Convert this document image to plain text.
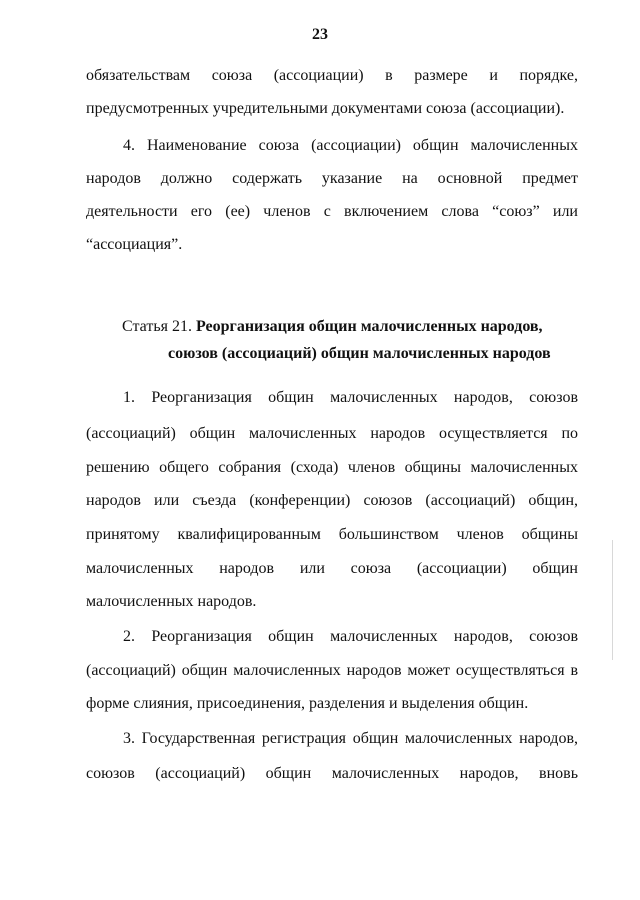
23
обязательствам союза (ассоциации) в размере и порядке,
предусмотренных учредительными документами союза (ассоциации).
4. Наименование союза (ассоциации) общин малочисленных
народов должно содержать указание на основной предмет
деятельности его (ее) членов с включением слова “союз” или
“ассоциация”.
Статья 21. Реорганизация общин малочисленных народов,
союзов (ассоциаций) общин малочисленных народов
1. Реорганизация общин малочисленных народов, союзов
(ассоциаций) общин малочисленных народов осуществляется по
решению общего собрания (схода) членов общины малочисленных
народов или съезда (конференции) союзов (ассоциаций) общин,
принятому квалифицированным большинством членов общины
малочисленных народов или союза (ассоциации) общин
малочисленных народов.
2. Реорганизация общин малочисленных народов, союзов
(ассоциаций) общин малочисленных народов может осуществляться в
форме слияния, присоединения, разделения и выделения общин.
3. Государственная регистрация общин малочисленных народов,
союзов (ассоциаций) общин малочисленных народов, вновь
